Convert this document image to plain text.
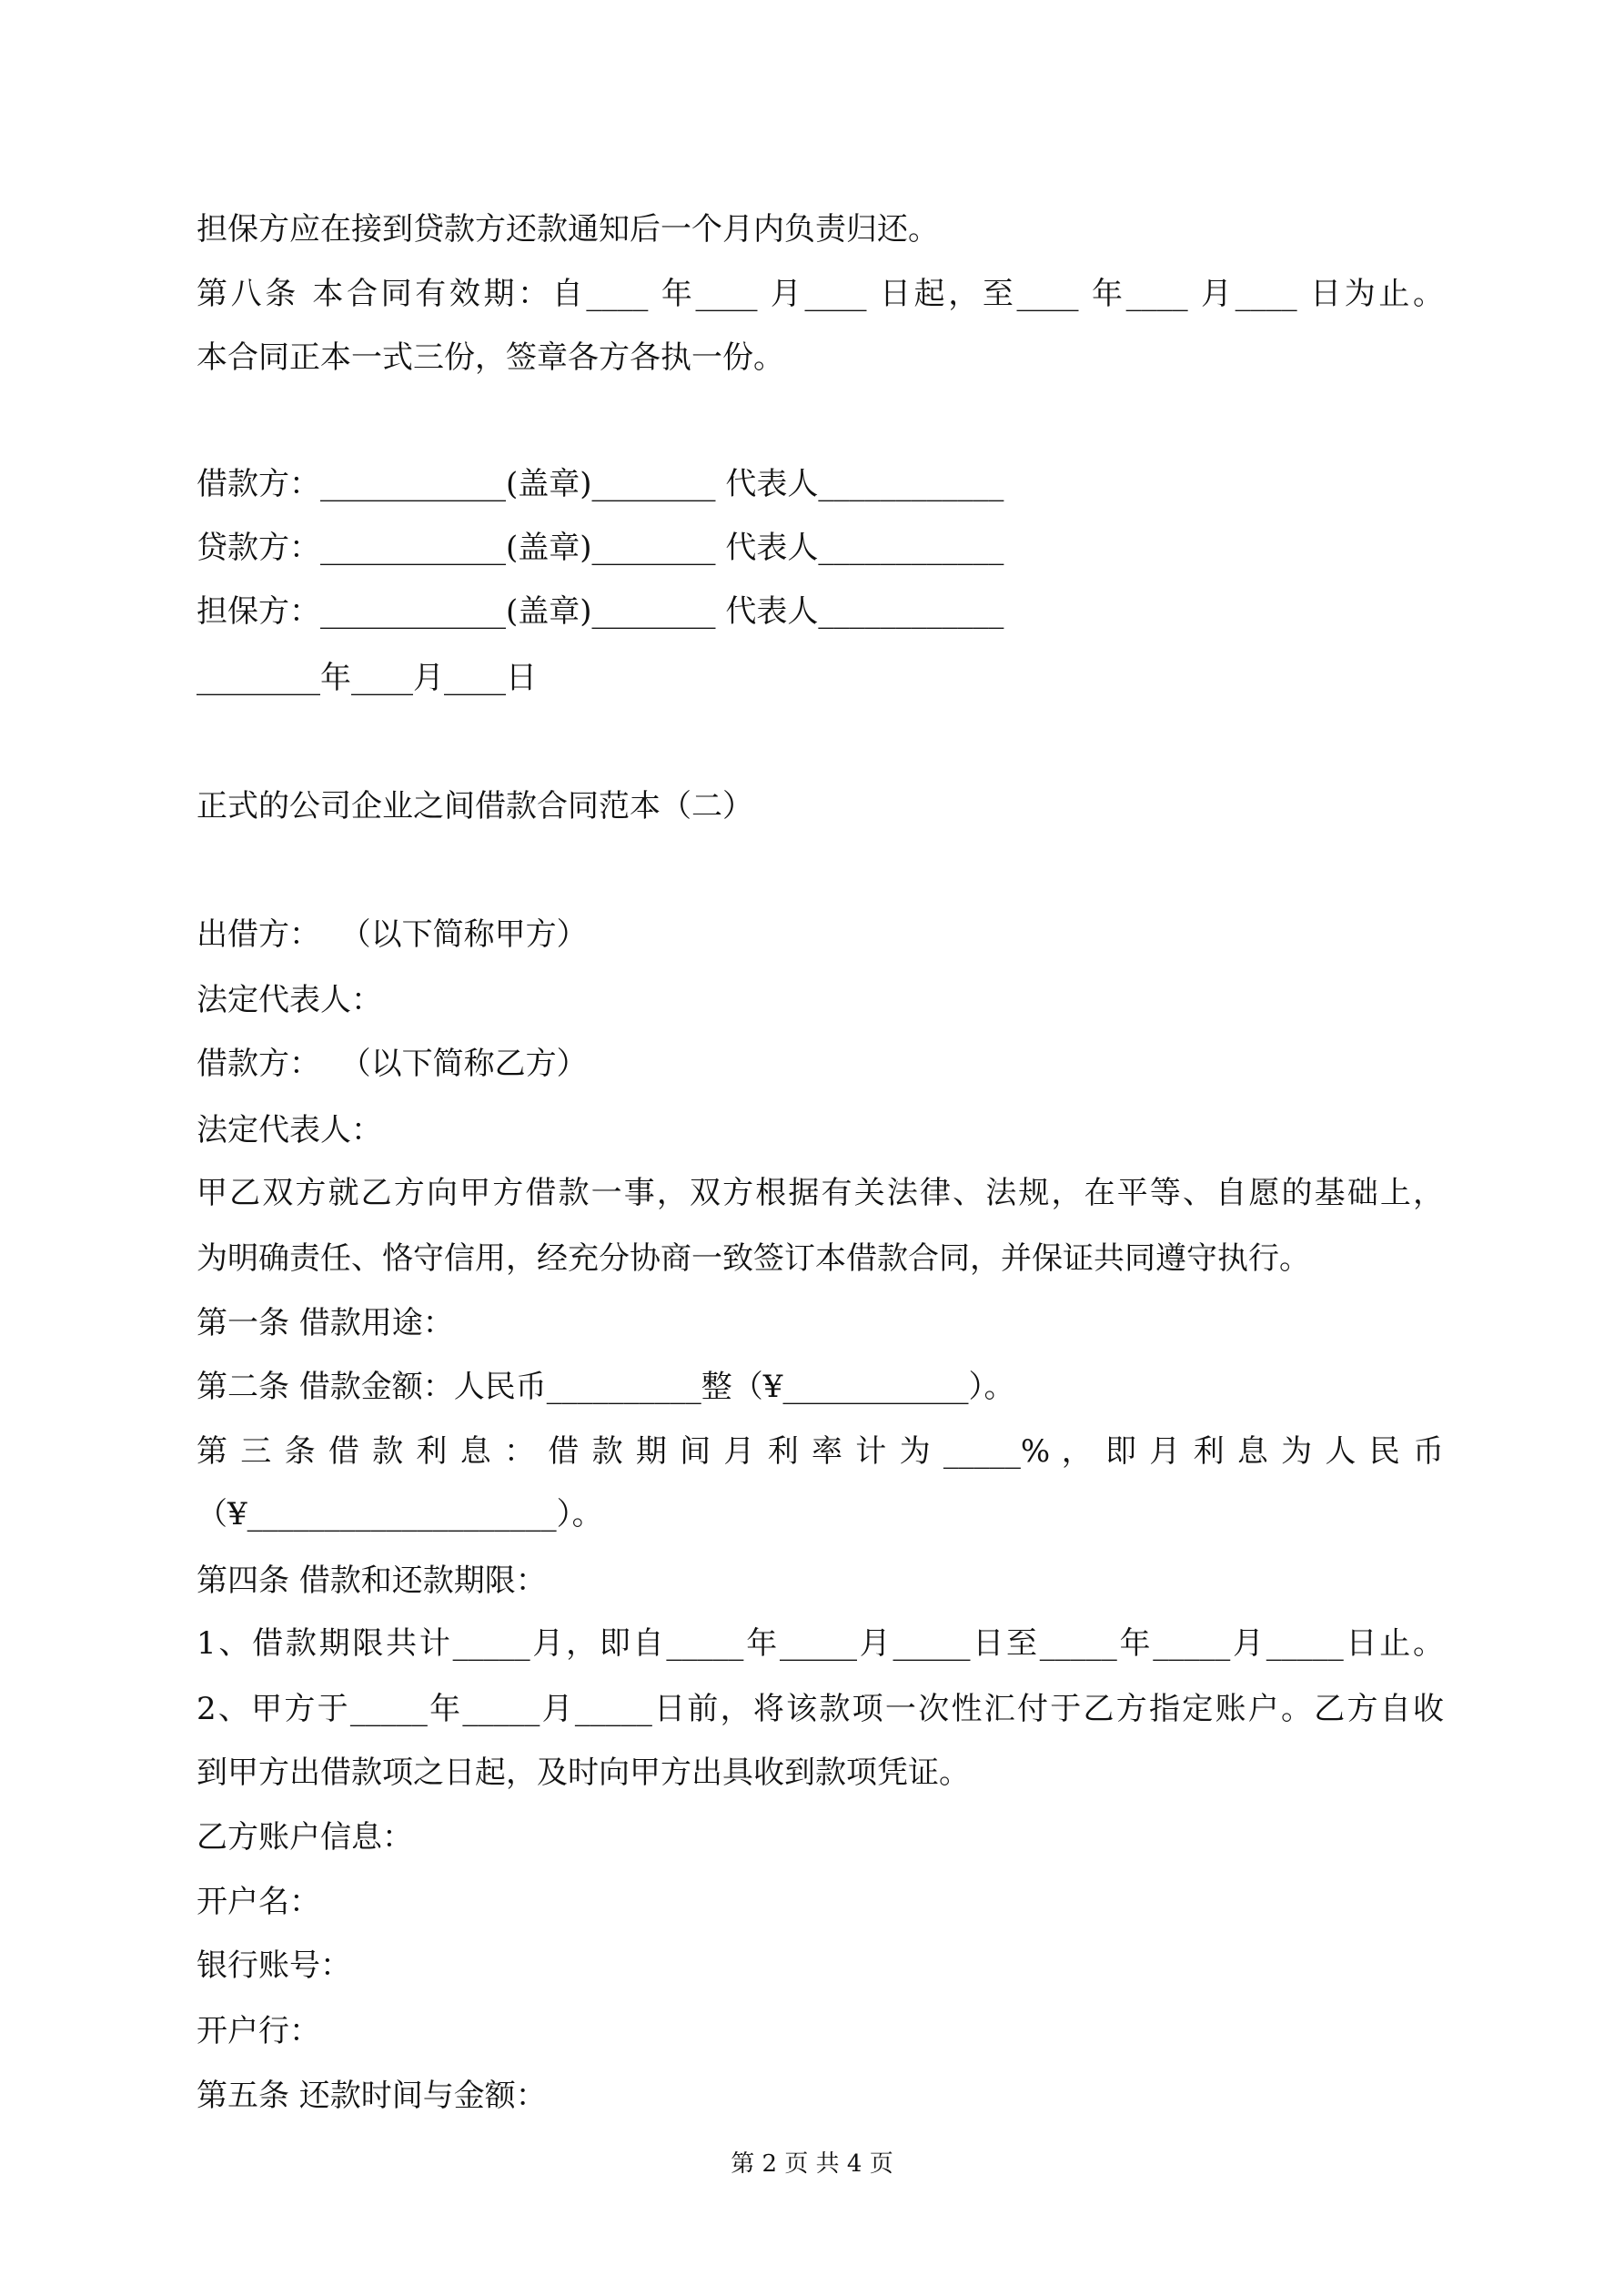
担保方应在接到贷款方还款通知后一个月内负责归还。
第八条 本合同有效期：自____ 年____ 月____ 日起，至____ 年____ 月____ 日为止。
本合同正本一式三份，签章各方各执一份。
借款方：____________(盖章)________ 代表人____________
贷款方：____________(盖章)________ 代表人____________
担保方：____________(盖章)________ 代表人____________
________年____月____日
正式的公司企业之间借款合同范本（二）
出借方：  （以下简称甲方）
法定代表人：
借款方：  （以下简称乙方）
法定代表人：
甲乙双方就乙方向甲方借款一事，双方根据有关法律、法规，在平等、自愿的基础上，
为明确责任、恪守信用，经充分协商一致签订本借款合同，并保证共同遵守执行。
第一条 借款用途：
第二条 借款金额：人民币__________整（¥____________）。
第 三 条 借 款 利 息 ： 借 款 期 间 月 利 率 计 为 _____% ， 即 月 利 息 为 人 民 币
（¥____________________）。
第四条 借款和还款期限：
1、借款期限共计_____月，即自_____年_____月_____日至_____年_____月_____日止。
2、甲方于_____年_____月_____日前，将该款项一次性汇付于乙方指定账户。乙方自收
到甲方出借款项之日起，及时向甲方出具收到款项凭证。
乙方账户信息：
开户名：
银行账号：
开户行：
第五条 还款时间与金额：
第 2 页 共 4 页
